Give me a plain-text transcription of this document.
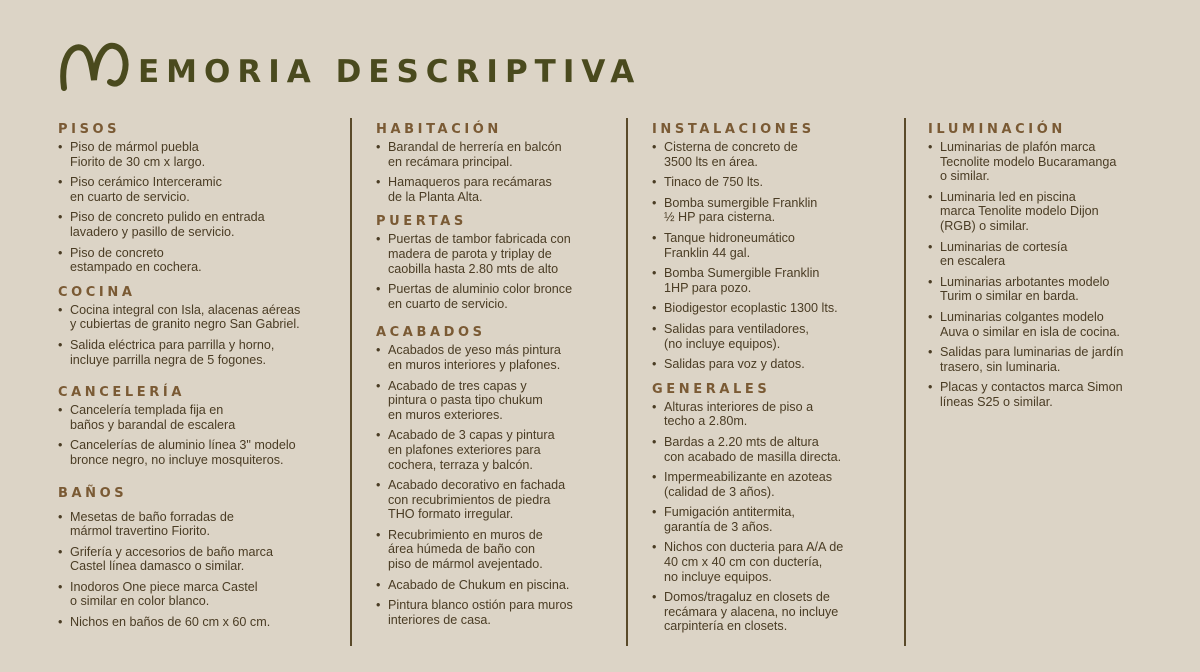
EMORIA DESCRIPTIVA
PISOS
• Piso de mármol puebla
Fiorito de 30 cm x largo.
• Piso cerámico Interceramic
en cuarto de servicio.
• Piso de concreto pulido en entrada
lavadero y pasillo de servicio.
• Piso de concreto
estampado en cochera.
COCINA
• Cocina integral con Isla, alacenas aéreas
y cubiertas de granito negro San Gabriel.
• Salida eléctrica para parrilla y horno,
incluye parrilla negra de 5 fogones.
CANCELERÍA
• Cancelería templada fija en
baños y barandal de escalera
• Cancelerías de aluminio línea 3" modelo
bronce negro, no incluye mosquiteros.
BAÑOS
• Mesetas de baño forradas de
mármol travertino Fiorito.
• Grifería y accesorios de baño marca
Castel línea damasco o similar.
• Inodoros One piece marca Castel
o similar en color blanco.
• Nichos en baños de 60 cm x 60 cm.
HABITACIÓN
• Barandal de herrería en balcón
en recámara principal.
• Hamaqueros para recámaras
de la Planta Alta.
PUERTAS
• Puertas de tambor fabricada con
madera de parota y triplay de
caobilla hasta 2.80 mts de alto
• Puertas de aluminio color bronce
en cuarto de servicio.
ACABADOS
• Acabados de yeso más pintura
en muros interiores y plafones.
• Acabado de tres capas y
pintura o pasta tipo chukum
en muros exteriores.
• Acabado de 3 capas y pintura
en plafones exteriores para
cochera, terraza y balcón.
• Acabado decorativo en fachada
con recubrimientos de piedra
THO formato irregular.
• Recubrimiento en muros de
área húmeda de baño con
piso de mármol avejentado.
• Acabado de Chukum en piscina.
• Pintura blanco ostión para muros
interiores de casa.
INSTALACIONES
• Cisterna de concreto de
3500 lts en área.
• Tinaco de 750 lts.
• Bomba sumergible Franklin
½ HP para cisterna.
• Tanque hidroneumático
Franklin 44 gal.
• Bomba Sumergible Franklin
1HP para pozo.
• Biodigestor ecoplastic 1300 lts.
• Salidas para ventiladores,
(no incluye equipos).
• Salidas para voz y datos.
GENERALES
• Alturas interiores de piso a
techo a 2.80m.
• Bardas a 2.20 mts de altura
con acabado de masilla directa.
• Impermeabilizante en azoteas
(calidad de 3 años).
• Fumigación antitermita,
garantía de 3 años.
• Nichos con ducteria para A/A de
40 cm x 40 cm con ductería,
no incluye equipos.
• Domos/tragaluz en closets de
recámara y alacena, no incluye
carpintería en closets.
ILUMINACIÓN
• Luminarias de plafón marca
Tecnolite modelo Bucaramanga
o similar.
• Luminaria led en piscina
marca Tenolite modelo Dijon
(RGB) o similar.
• Luminarias de cortesía
en escalera
• Luminarias arbotantes modelo
Turim o similar en barda.
• Luminarias colgantes modelo
Auva o similar en isla de cocina.
• Salidas para luminarias de jardín
trasero, sin luminaria.
• Placas y contactos marca Simon
líneas S25 o similar.
